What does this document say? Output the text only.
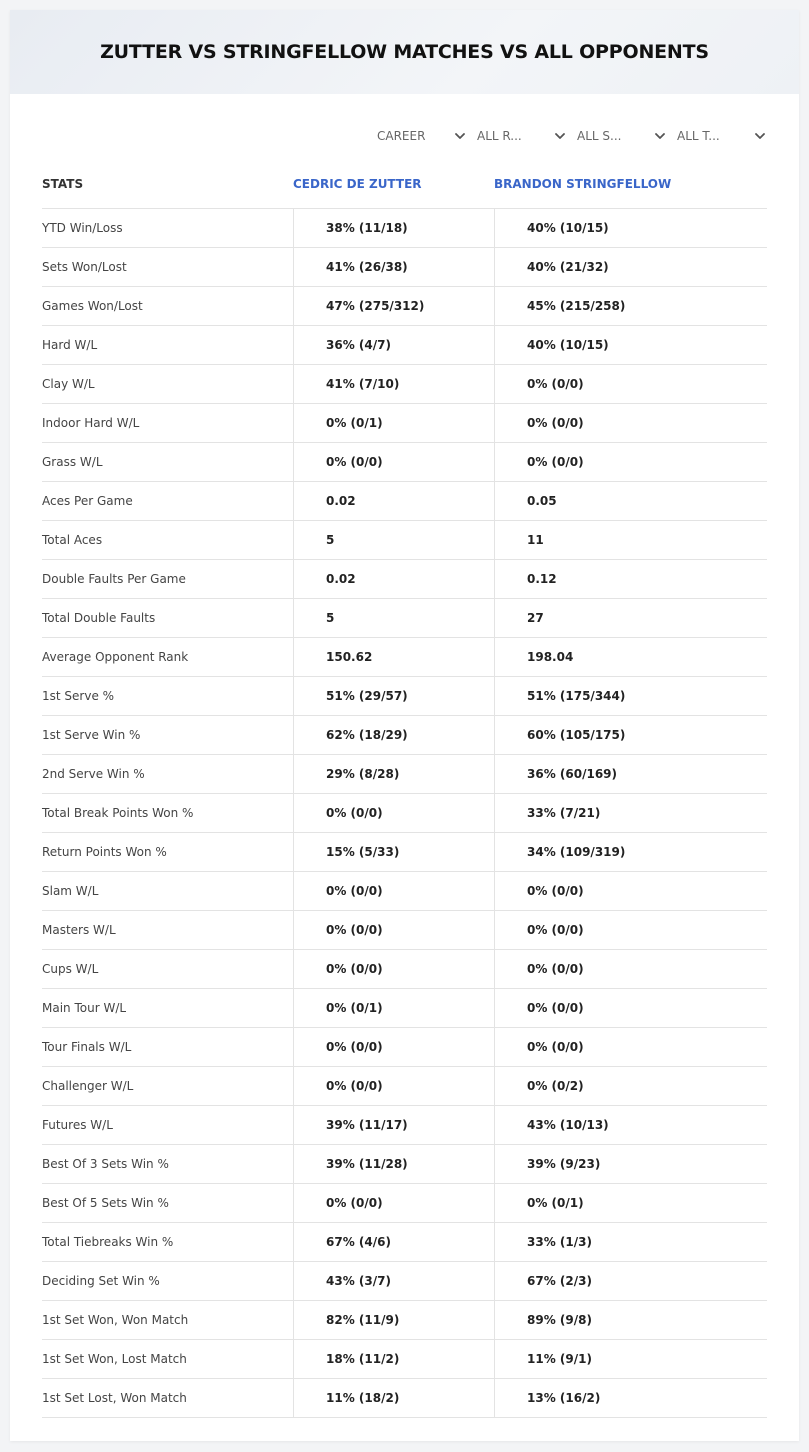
ZUTTER VS STRINGFELLOW MATCHES VS ALL OPPONENTS
CAREER	ALL R...	ALL S...	ALL T...
STATS	CEDRIC DE ZUTTER	BRANDON STRINGFELLOW
YTD Win/Loss	38% (11/18)	40% (10/15)
Sets Won/Lost	41% (26/38)	40% (21/32)
Games Won/Lost	47% (275/312)	45% (215/258)
Hard W/L	36% (4/7)	40% (10/15)
Clay W/L	41% (7/10)	0% (0/0)
Indoor Hard W/L	0% (0/1)	0% (0/0)
Grass W/L	0% (0/0)	0% (0/0)
Aces Per Game	0.02	0.05
Total Aces	5	11
Double Faults Per Game	0.02	0.12
Total Double Faults	5	27
Average Opponent Rank	150.62	198.04
1st Serve %	51% (29/57)	51% (175/344)
1st Serve Win %	62% (18/29)	60% (105/175)
2nd Serve Win %	29% (8/28)	36% (60/169)
Total Break Points Won %	0% (0/0)	33% (7/21)
Return Points Won %	15% (5/33)	34% (109/319)
Slam W/L	0% (0/0)	0% (0/0)
Masters W/L	0% (0/0)	0% (0/0)
Cups W/L	0% (0/0)	0% (0/0)
Main Tour W/L	0% (0/1)	0% (0/0)
Tour Finals W/L	0% (0/0)	0% (0/0)
Challenger W/L	0% (0/0)	0% (0/2)
Futures W/L	39% (11/17)	43% (10/13)
Best Of 3 Sets Win %	39% (11/28)	39% (9/23)
Best Of 5 Sets Win %	0% (0/0)	0% (0/1)
Total Tiebreaks Win %	67% (4/6)	33% (1/3)
Deciding Set Win %	43% (3/7)	67% (2/3)
1st Set Won, Won Match	82% (11/9)	89% (9/8)
1st Set Won, Lost Match	18% (11/2)	11% (9/1)
1st Set Lost, Won Match	11% (18/2)	13% (16/2)
